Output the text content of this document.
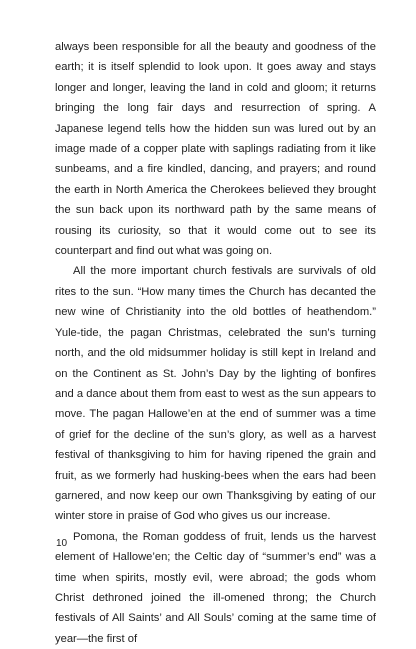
always been responsible for all the beauty and goodness of the earth; it is itself splendid to look upon. It goes away and stays longer and longer, leaving the land in cold and gloom; it returns bringing the long fair days and resurrection of spring. A Japanese legend tells how the hidden sun was lured out by an image made of a copper plate with saplings radiating from it like sunbeams, and a fire kindled, dancing, and prayers; and round the earth in North America the Cherokees believed they brought the sun back upon its northward path by the same means of rousing its curiosity, so that it would come out to see its counterpart and find out what was going on.

All the more important church festivals are survivals of old rites to the sun. “How many times the Church has decanted the new wine of Christianity into the old bottles of heathendom.” Yule-tide, the pagan Christmas, celebrated the sun’s turning north, and the old midsummer holiday is still kept in Ireland and on the Continent as St. John’s Day by the lighting of bonfires and a dance about them from east to west as the sun appears to move. The pagan Hallowe’en at the end of summer was a time of grief for the decline of the sun’s glory, as well as a harvest festival of thanksgiving to him for having ripened the grain and fruit, as we formerly had husking-bees when the ears had been garnered, and now keep our own Thanksgiving by eating of our winter store in praise of God who gives us our increase.

Pomona, the Roman goddess of fruit, lends us the harvest element of Hallowe’en; the Celtic day of “summer’s end” was a time when spirits, mostly evil, were abroad; the gods whom Christ dethroned joined the ill-omened throng; the Church festivals of All Saints’ and All Souls’ coming at the same time of year—the first of

10
